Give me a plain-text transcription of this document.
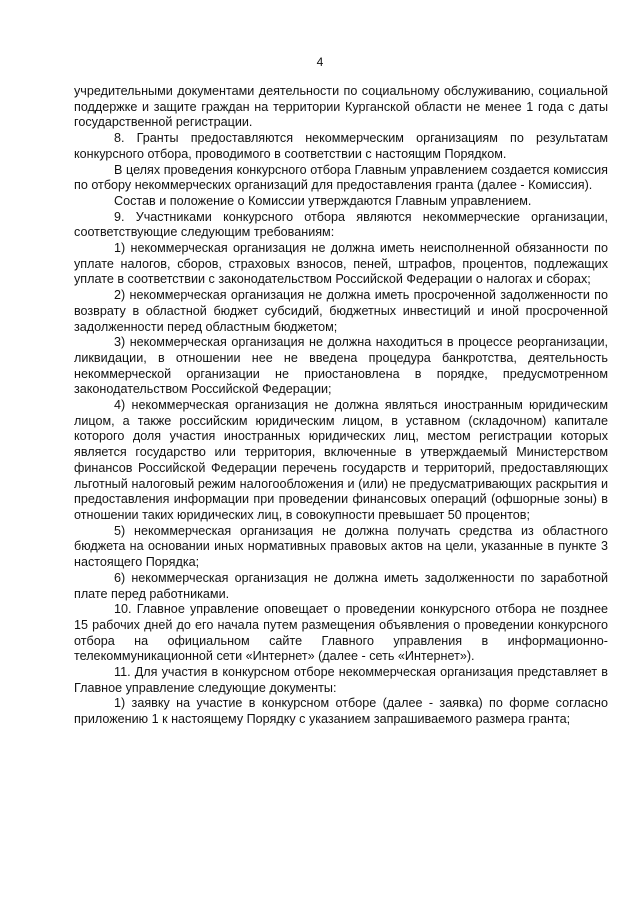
4

учредительными документами деятельности по социальному обслуживанию, социальной поддержке и защите граждан на территории Курганской области не менее 1 года с даты государственной регистрации.

8. Гранты предоставляются некоммерческим организациям по результатам конкурсного отбора, проводимого в соответствии с настоящим Порядком.

В целях проведения конкурсного отбора Главным управлением создается комиссия по отбору некоммерческих организаций для предоставления гранта (далее - Комиссия).

Состав и положение о Комиссии утверждаются Главным управлением.

9. Участниками конкурсного отбора являются некоммерческие организации, соответствующие следующим требованиям:

1) некоммерческая организация не должна иметь неисполненной обязанности по уплате налогов, сборов, страховых взносов, пеней, штрафов, процентов, подлежащих уплате в соответствии с законодательством Российской Федерации о налогах и сборах;

2) некоммерческая организация не должна иметь просроченной задолженности по возврату в областной бюджет субсидий, бюджетных инвестиций и иной просроченной задолженности перед областным бюджетом;

3) некоммерческая организация не должна находиться в процессе реорганизации, ликвидации, в отношении нее не введена процедура банкротства, деятельность некоммерческой организации не приостановлена в порядке, предусмотренном законодательством Российской Федерации;

4) некоммерческая организация не должна являться иностранным юридическим лицом, а также российским юридическим лицом, в уставном (складочном) капитале которого доля участия иностранных юридических лиц, местом регистрации которых является государство или территория, включенные в утверждаемый Министерством финансов Российской Федерации перечень государств и территорий, предоставляющих льготный налоговый режим налогообложения и (или) не предусматривающих раскрытия и предоставления информации при проведении финансовых операций (офшорные зоны) в отношении таких юридических лиц, в совокупности превышает 50 процентов;

5) некоммерческая организация не должна получать средства из областного бюджета на основании иных нормативных правовых актов на цели, указанные в пункте 3 настоящего Порядка;

6) некоммерческая организация не должна иметь задолженности по заработной плате перед работниками.

10. Главное управление оповещает о проведении конкурсного отбора не позднее 15 рабочих дней до его начала путем размещения объявления о проведении конкурсного отбора на официальном сайте Главного управления в информационно-телекоммуникационной сети «Интернет» (далее - сеть «Интернет»).

11. Для участия в конкурсном отборе некоммерческая организация представляет в Главное управление следующие документы:

1) заявку на участие в конкурсном отборе (далее - заявка) по форме согласно приложению 1 к настоящему Порядку с указанием запрашиваемого размера гранта;
